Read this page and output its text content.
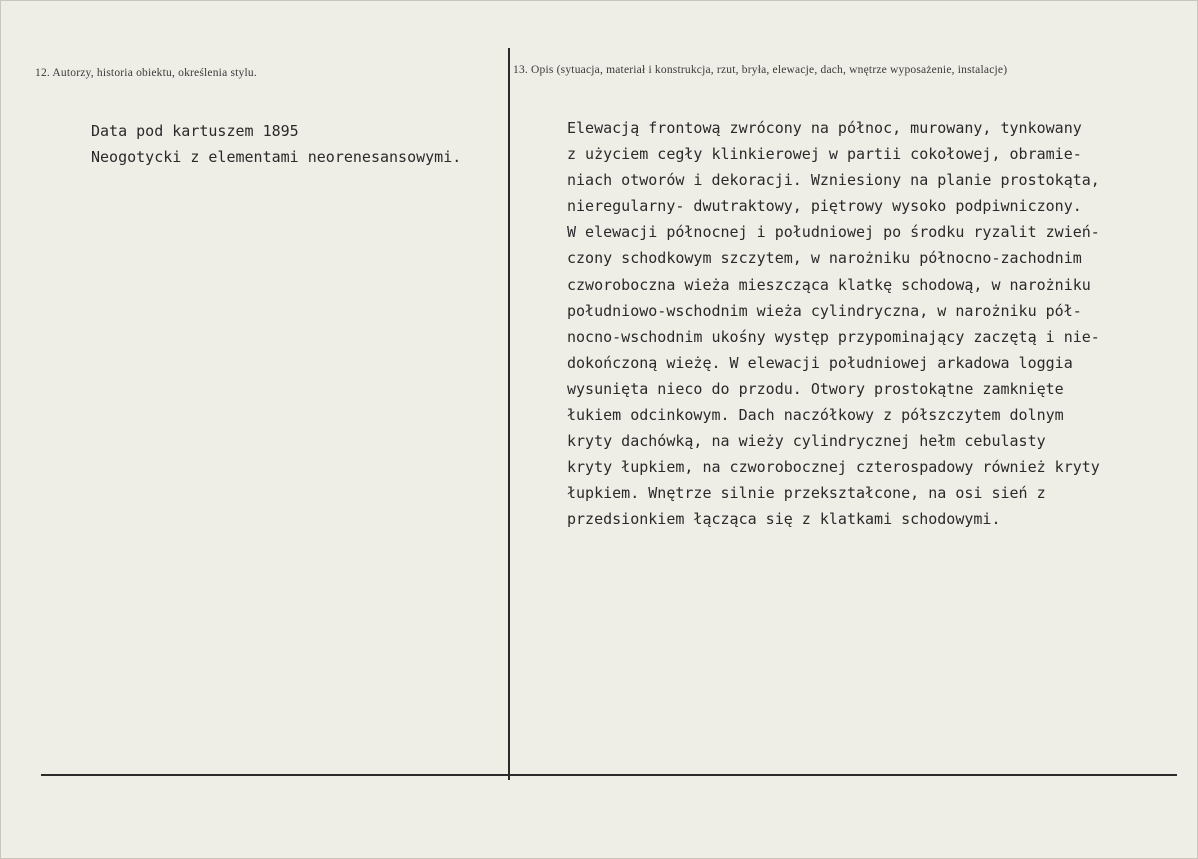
12. Autorzy, historia obiektu, określenia stylu.	13. Opis (sytuacja, materiał i konstrukcja, rzut, bryła, elewacje, dach, wnętrze wyposażenie, instalacje)
Data pod kartuszem 1895
Neogotycki z elementami neorenesansowymi.
Elewacją frontową zwrócony na północ, murowany, tynkowany
z użyciem cegły klinkierowej w partii cokołowej, obramie-
niach otworów i dekoracji. Wzniesiony na planie prostokąta,
nieregularny- dwutraktowy, piętrowy wysoko podpiwniczony.
W elewacji północnej i południowej po środku ryzalit zwień-
czony schodkowym szczytem, w narożniku północno-zachodnim
czworoboczna wieża mieszcząca klatkę schodową, w narożniku
południowo-wschodnim wieża cylindryczna, w narożniku pół-
nocno-wschodnim ukośny występ przypominający zaczętą i nie-
dokończoną wieżę. W elewacji południowej arkadowa loggia
wysunięta nieco do przodu. Otwory prostokątne zamknięte
łukiem odcinkowym. Dach naczółkowy z półszczytem dolnym
kryty dachówką, na wieży cylindrycznej hełm cebulasty
kryty łupkiem, na czworobocznej czterospadowy również kryty
łupkiem. Wnętrze silnie przekształcone, na osi sień z
przedsionkiem łącząca się z klatkami schodowymi.
